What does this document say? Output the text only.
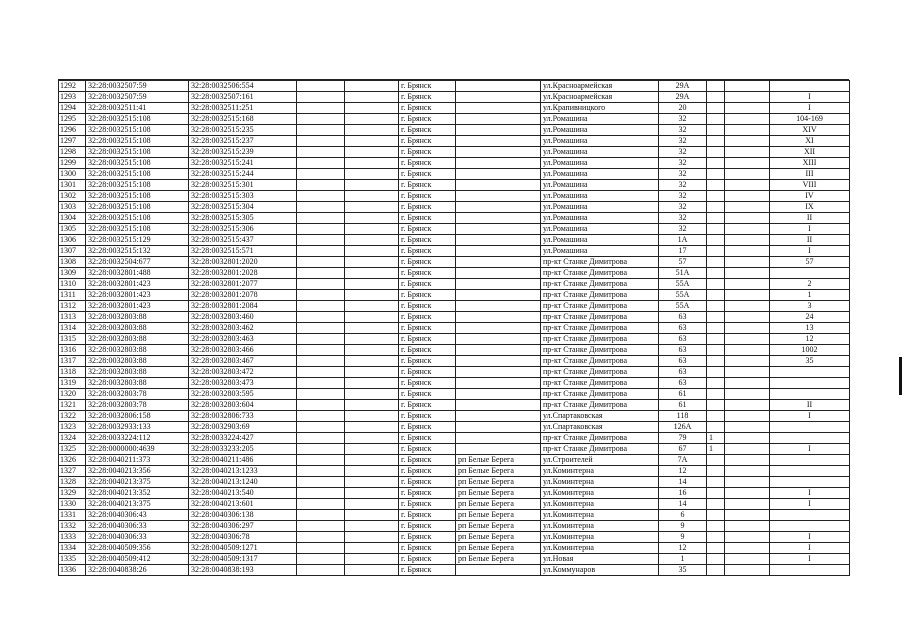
1292	32:28:0032507:59	32:28:0032506:554			г. Брянск		ул.Красноармейская	29А			
1293	32:28:0032507:59	32:28:0032507:161			г. Брянск		ул.Красноармейская	29А			I
1294	32:28:0032511:41	32:28:0032511:251			г. Брянск		ул.Крапивницкого	20			I
1295	32:28:0032515:108	32:28:0032515:168			г. Брянск		ул.Ромашина	32			104-169
1296	32:28:0032515:108	32:28:0032515:235			г. Брянск		ул.Ромашина	32			XIV
1297	32:28:0032515:108	32:28:0032515:237			г. Брянск		ул.Ромашина	32			XI
1298	32:28:0032515:108	32:28:0032515:239			г. Брянск		ул.Ромашина	32			XII
1299	32:28:0032515:108	32:28:0032515:241			г. Брянск		ул.Ромашина	32			XIII
1300	32:28:0032515:108	32:28:0032515:244			г. Брянск		ул.Ромашина	32			III
1301	32:28:0032515:108	32:28:0032515:301			г. Брянск		ул.Ромашина	32			VIII
1302	32:28:0032515:108	32:28:0032515:303			г. Брянск		ул.Ромашина	32			IV
1303	32:28:0032515:108	32:28:0032515:304			г. Брянск		ул.Ромашина	32			IX
1304	32:28:0032515:108	32:28:0032515:305			г. Брянск		ул.Ромашина	32			II
1305	32:28:0032515:108	32:28:0032515:306			г. Брянск		ул.Ромашина	32			I
1306	32:28:0032515:129	32:28:0032515:437			г. Брянск		ул.Ромашина	1А			II
1307	32:28:0032515:132	32:28:0032515:571			г. Брянск		ул.Ромашина	17			I
1308	32:28:0032504:677	32:28:0032801:2020			г. Брянск		пр-кт Станке Димитрова	57			57
1309	32:28:0032801:488	32:28:0032801:2028			г. Брянск		пр-кт Станке Димитрова	51А			
1310	32:28:0032801:423	32:28:0032801:2077			г. Брянск		пр-кт Станке Димитрова	55А			2
1311	32:28:0032801:423	32:28:0032801:2078			г. Брянск		пр-кт Станке Димитрова	55А			1
1312	32:28:0032801:423	32:28:0032801:2084			г. Брянск		пр-кт Станке Димитрова	55А			3
1313	32:28:0032803:88	32:28:0032803:460			г. Брянск		пр-кт Станке Димитрова	63			24
1314	32:28:0032803:88	32:28:0032803:462			г. Брянск		пр-кт Станке Димитрова	63			13
1315	32:28:0032803:88	32:28:0032803:463			г. Брянск		пр-кт Станке Димитрова	63			12
1316	32:28:0032803:88	32:28:0032803:466			г. Брянск		пр-кт Станке Димитрова	63			1002
1317	32:28:0032803:88	32:28:0032803:467			г. Брянск		пр-кт Станке Димитрова	63			35
1318	32:28:0032803:88	32:28:0032803:472			г. Брянск		пр-кт Станке Димитрова	63			
1319	32:28:0032803:88	32:28:0032803:473			г. Брянск		пр-кт Станке Димитрова	63			
1320	32:28:0032803:78	32:28:0032803:595			г. Брянск		пр-кт Станке Димитрова	61			
1321	32:28:0032803:78	32:28:0032803:604			г. Брянск		пр-кт Станке Димитрова	61			II
1322	32:28:0032806:158	32:28:0032806:733			г. Брянск		ул.Спартаковская	118			I
1323	32:28:0032933:133	32:28:0032903:69			г. Брянск		ул.Спартаковская	126А			
1324	32:28:0033224:112	32:28:0033224:427			г. Брянск		пр-кт Станке Димитрова	79	1		
1325	32:28:0000000:4639	32:28:0033233:205			г. Брянск		пр-кт Станке Димитрова	67	1		I
1326	32:28:0040211:373	32:28:0040211:486			г. Брянск	рп Белые Берега	ул.Строителей	7А			
1327	32:28:0040213:356	32:28:0040213:1233			г. Брянск	рп Белые Берега	ул.Коминтерна	12			
1328	32:28:0040213:375	32:28:0040213:1240			г. Брянск	рп Белые Берега	ул.Коминтерна	14			
1329	32:28:0040213:352	32:28:0040213:540			г. Брянск	рп Белые Берега	ул.Коминтерна	16			I
1330	32:28:0040213:375	32:28:0040213:601			г. Брянск	рп Белые Берега	ул.Коминтерна	14			I
1331	32:28:0040306:43	32:28:0040306:138			г. Брянск	рп Белые Берега	ул.Коминтерна	6			
1332	32:28:0040306:33	32:28:0040306:297			г. Брянск	рп Белые Берега	ул.Коминтерна	9			
1333	32:28:0040306:33	32:28:0040306:78			г. Брянск	рп Белые Берега	ул.Коминтерна	9			I
1334	32:28:0040509:356	32:28:0040509:1271			г. Брянск	рп Белые Берега	ул.Коминтерна	12			I
1335	32:28:0040509:412	32:28:0040509:1317			г. Брянск	рп Белые Берега	ул.Новая	1			I
1336	32:28:0040838:26	32:28:0040838:193			г. Брянск		ул.Коммунаров	35			
